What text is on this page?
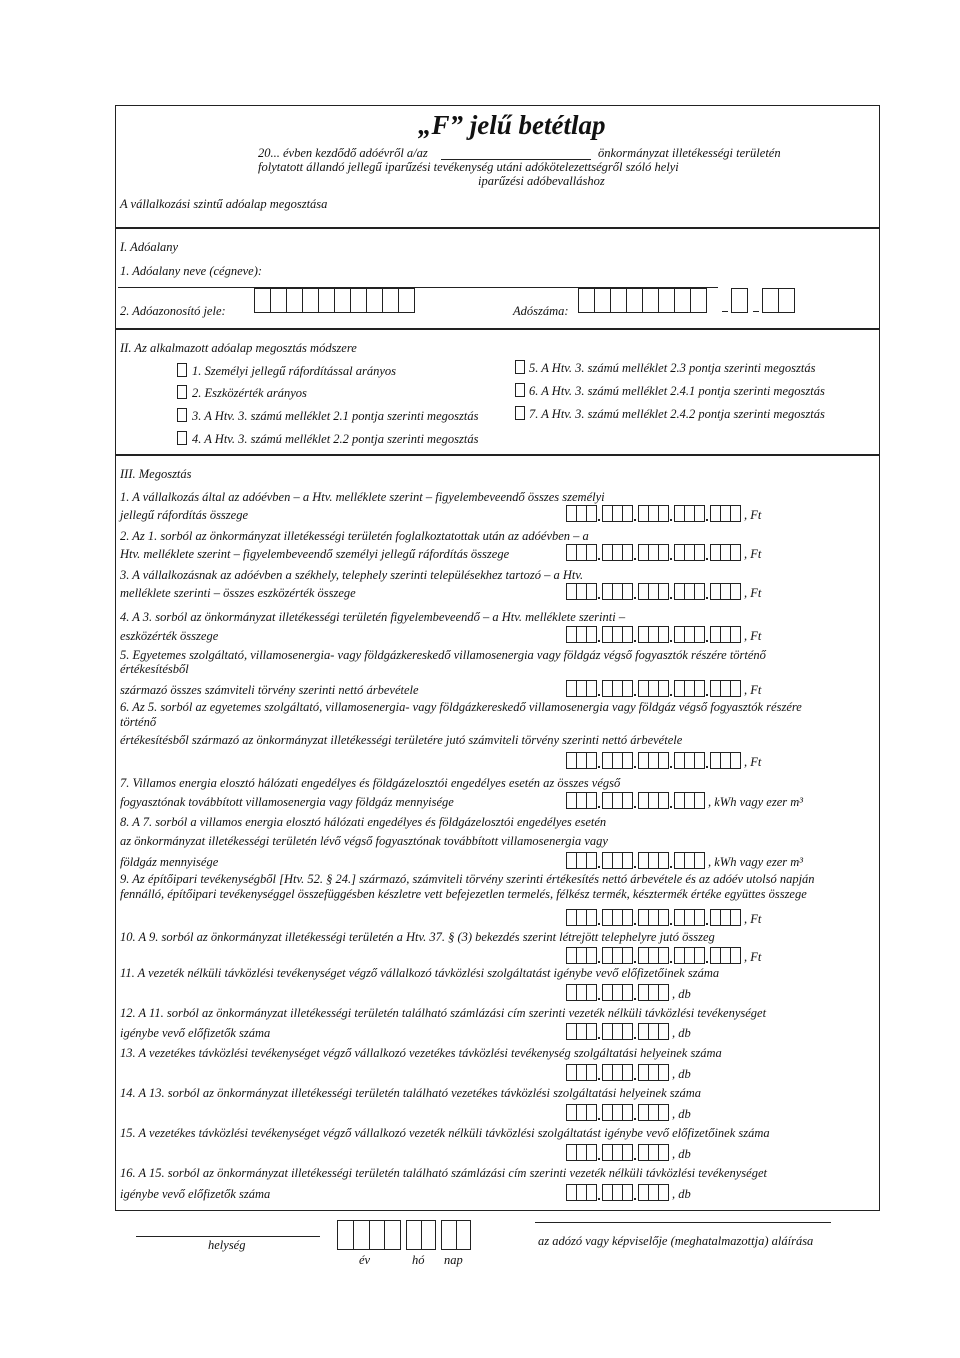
„F” jelű betétlap
20... évben kezdődő adóévről a/az	önkormányzat illetékességi területén
folytatott állandó jellegű iparűzési tevékenység utáni adókötelezettségről szóló helyi
iparűzési adóbevalláshoz
A vállalkozási szintű adóalap megosztása
I. Adóalany
1. Adóalany neve (cégneve):
2. Adóazonosító jele:	Adószáma:
II. Az alkalmazott adóalap megosztás módszere
1. Személyi jellegű ráfordítással arányos
2. Eszközérték arányos
3. A Htv. 3. számú melléklet 2.1 pontja szerinti megosztás
4. A Htv. 3. számú melléklet 2.2 pontja szerinti megosztás
5. A Htv. 3. számú melléklet 2.3 pontja szerinti megosztás
6. A Htv. 3. számú melléklet 2.4.1 pontja szerinti megosztás
7. A Htv. 3. számú melléklet 2.4.2 pontja szerinti megosztás
III. Megosztás
1. A vállalkozás által az adóévben – a Htv. melléklete szerint – figyelembeveendő összes személyi
jellegű ráfordítás összege	, Ft
2. Az 1. sorból az önkormányzat illetékességi területén foglalkoztatottak után az adóévben – a
Htv. melléklete szerint – figyelembeveendő személyi jellegű ráfordítás összege	, Ft
3. A vállalkozásnak az adóévben a székhely, telephely szerinti településekhez tartozó – a Htv.
melléklete szerinti – összes eszközérték összege	, Ft
4. A 3. sorból az önkormányzat illetékességi területén figyelembeveendő – a Htv. melléklete szerinti –
eszközérték összege	, Ft
5. Egyetemes szolgáltató, villamosenergia- vagy földgázkereskedő villamosenergia vagy földgáz végső fogyasztók részére történő
értékesítésből
származó összes számviteli törvény szerinti nettó árbevétele	, Ft
6. Az 5. sorból az egyetemes szolgáltató, villamosenergia- vagy földgázkereskedő villamosenergia vagy földgáz végső fogyasztók részére
történő
értékesítésből származó az önkormányzat illetékességi területére jutó számviteli törvény szerinti nettó árbevétele
, Ft
7. Villamos energia elosztó hálózati engedélyes és földgázelosztói engedélyes esetén az összes végső
fogyasztónak továbbított villamosenergia vagy földgáz mennyisége	, kWh vagy ezer m³
8. A 7. sorból a villamos energia elosztó hálózati engedélyes és földgázelosztói engedélyes esetén
az önkormányzat illetékességi területén lévő végső fogyasztónak továbbított villamosenergia vagy
földgáz mennyisége	, kWh vagy ezer m³
9. Az építőipari tevékenységből [Htv. 52. § 24.] származó, számviteli törvény szerinti értékesítés nettó árbevétele és az adóév utolsó napján
fennálló, építőipari tevékenységgel összefüggésben készletre vett befejezetlen termelés, félkész termék, késztermék értéke együttes összege
, Ft
10. A 9. sorból az önkormányzat illetékességi területén a Htv. 37. § (3) bekezdés szerint létrejött telephelyre jutó összeg
, Ft
11. A vezeték nélküli távközlési tevékenységet végző vállalkozó távközlési szolgáltatást igénybe vevő előfizetőinek száma
, db
12. A 11. sorból az önkormányzat illetékességi területén található számlázási cím szerinti vezeték nélküli távközlési tevékenységet
igénybe vevő előfizetők száma	, db
13. A vezetékes távközlési tevékenységet végző vállalkozó vezetékes távközlési tevékenység szolgáltatási helyeinek száma
, db
14. A 13. sorból az önkormányzat illetékességi területén található vezetékes távközlési szolgáltatási helyeinek száma
, db
15. A vezetékes távközlési tevékenységet végző vállalkozó vezeték nélküli távközlési szolgáltatást igénybe vevő előfizetőinek száma
, db
16. A 15. sorból az önkormányzat illetékességi területén található számlázási cím szerinti vezeték nélküli távközlési tevékenységet
igénybe vevő előfizetők száma	, db
helység
év	hó nap
az adózó vagy képviselője (meghatalmazottja) aláírása
